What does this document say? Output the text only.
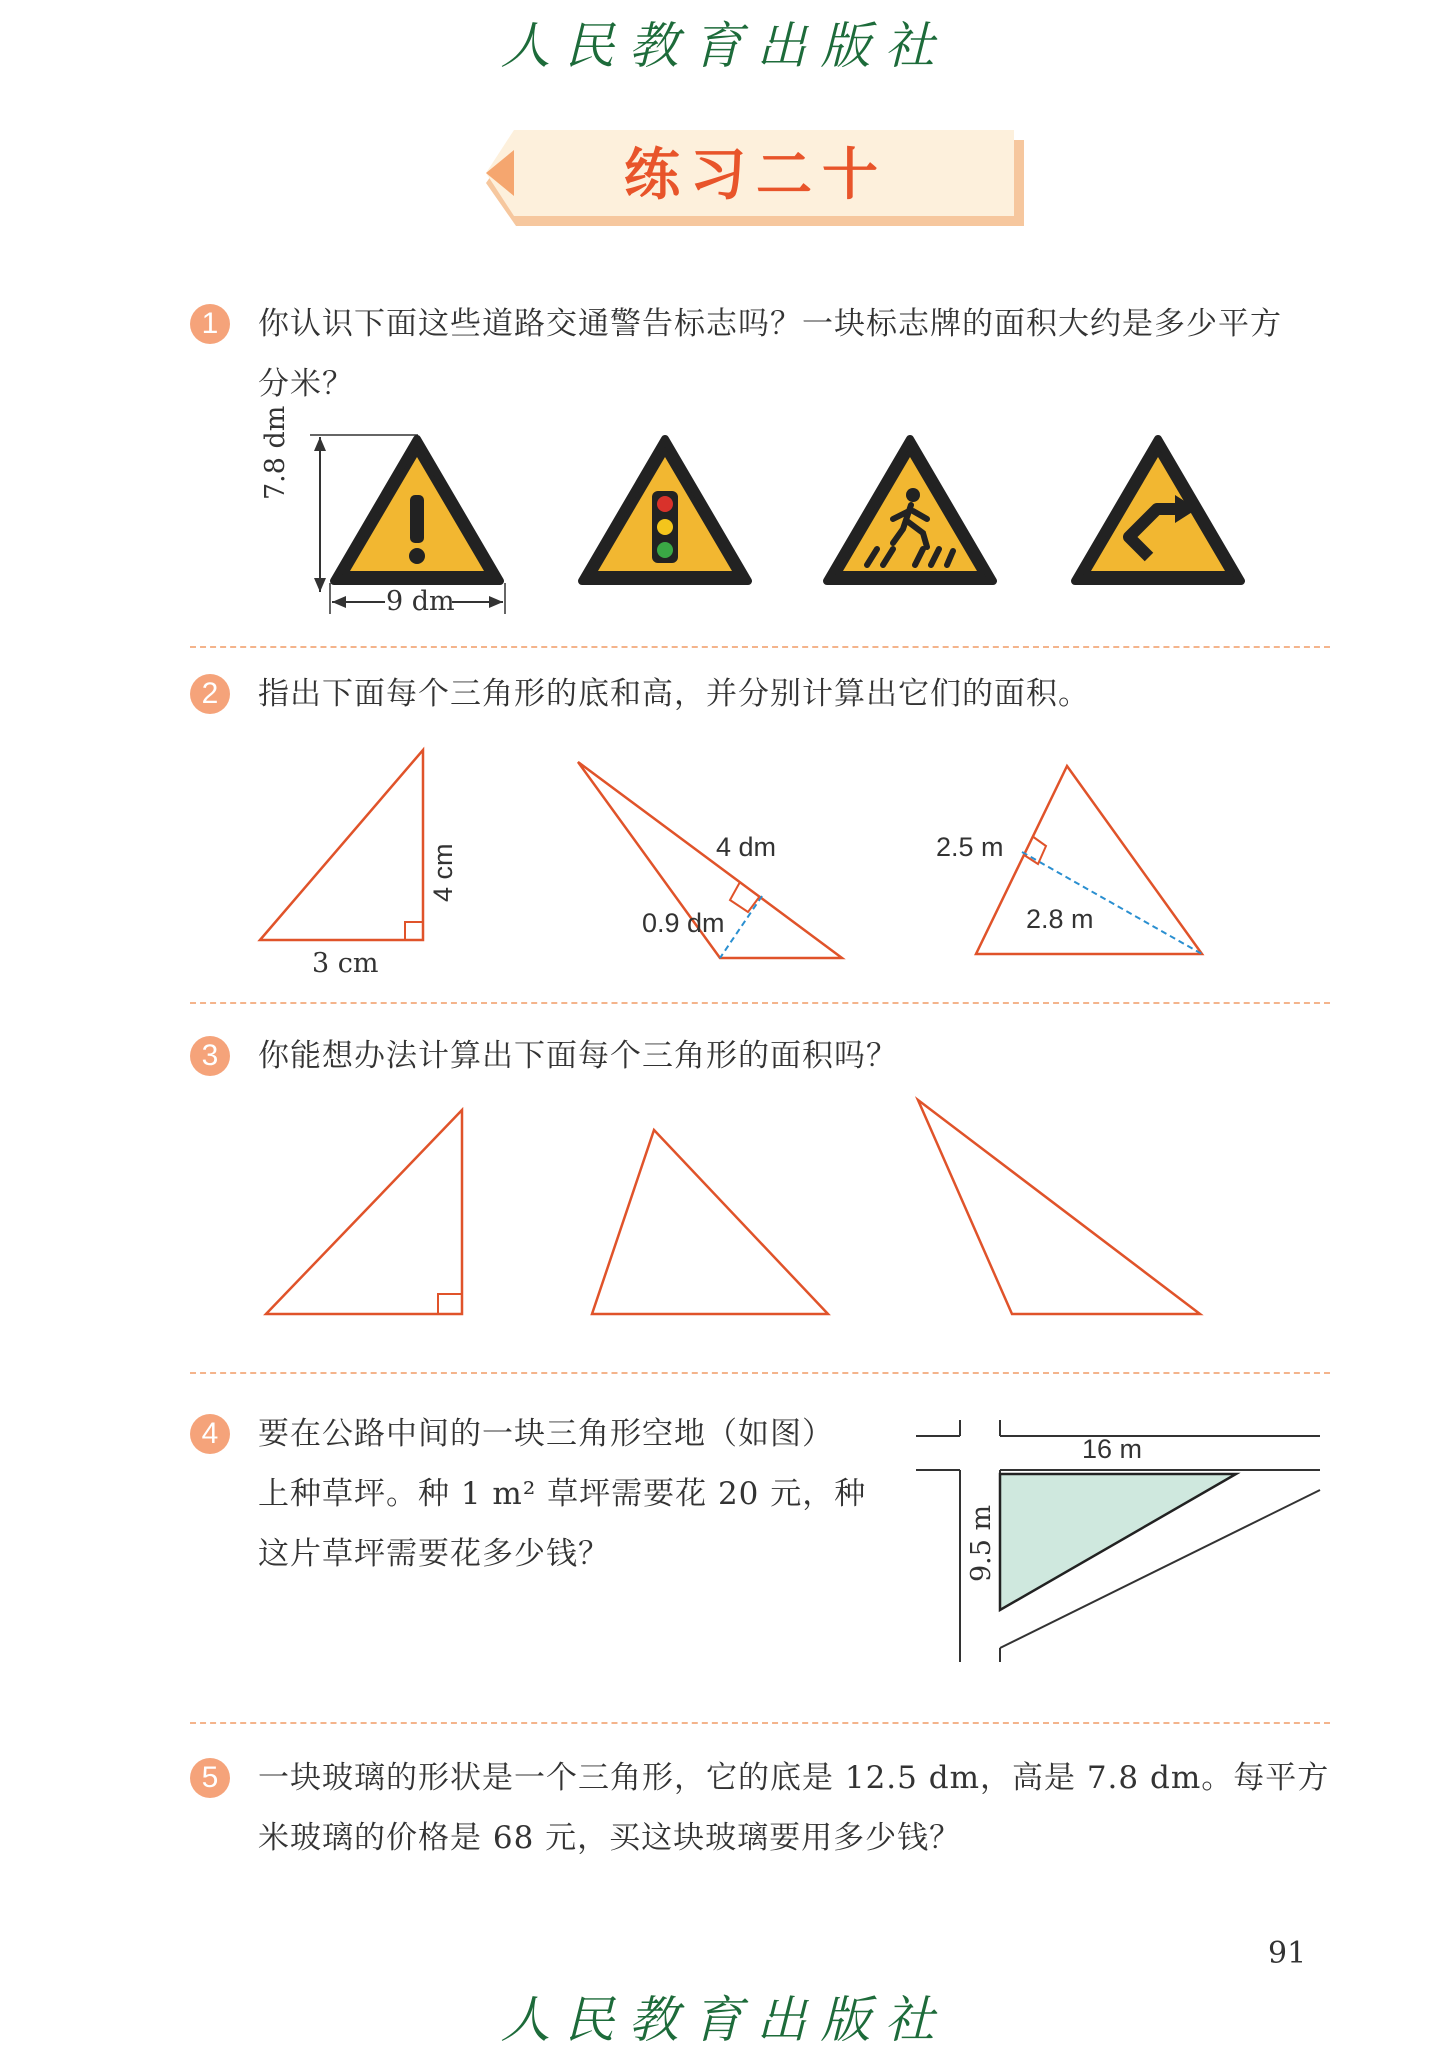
人民教育出版社
练习二十
1	你认识下面这些道路交通警告标志吗？一块标志牌的面积大约是多少平方
分米？
7.8 dm
9 dm
2	指出下面每个三角形的底和高，并分别计算出它们的面积。
4 cm
3 cm
4 dm
0.9 dm
2.5 m
2.8 m
3	你能想办法计算出下面每个三角形的面积吗？
4	要在公路中间的一块三角形空地（如图）
上种草坪。种 1 m² 草坪需要花 20 元，种
这片草坪需要花多少钱？
16 m
9.5 m
5	一块玻璃的形状是一个三角形，它的底是 12.5 dm，高是 7.8 dm。每平方
米玻璃的价格是 68 元，买这块玻璃要用多少钱？
91
人民教育出版社
